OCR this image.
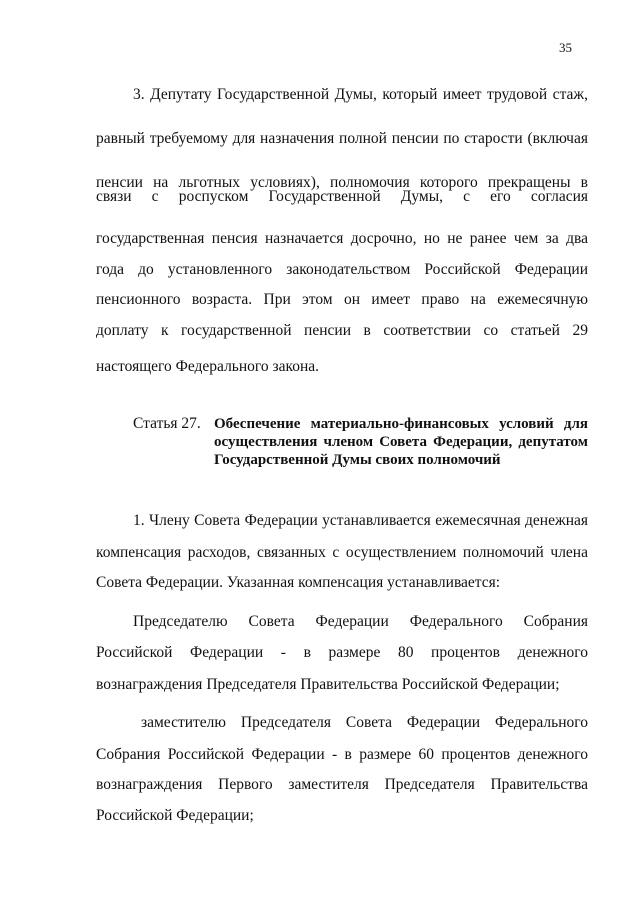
35
3. Депутату Государственной Думы, который имеет трудовой стаж,
равный требуемому для назначения полной пенсии по старости (включая
пенсии на льготных условиях), полномочия которого прекращены в
связи с роспуском Государственной Думы, с его согласия
государственная пенсия назначается досрочно, но не ранее чем за два
года до установленного законодательством Российской Федерации
пенсионного возраста. При этом он имеет право на ежемесячную
доплату к государственной пенсии в соответствии со статьей 29
настоящего Федерального закона.
Статья 27. Обеспечение материально-финансовых условий для
осуществления членом Совета Федерации, депутатом
Государственной Думы своих полномочий
1. Члену Совета Федерации устанавливается ежемесячная денежная
компенсация расходов, связанных с осуществлением полномочий члена
Совета Федерации. Указанная компенсация устанавливается:
Председателю Совета Федерации Федерального Собрания
Российской Федерации - в размере 80 процентов денежного
вознаграждения Председателя Правительства Российской Федерации;
заместителю Председателя Совета Федерации Федерального
Собрания Российской Федерации - в размере 60 процентов денежного
вознаграждения Первого заместителя Председателя Правительства
Российской Федерации;
